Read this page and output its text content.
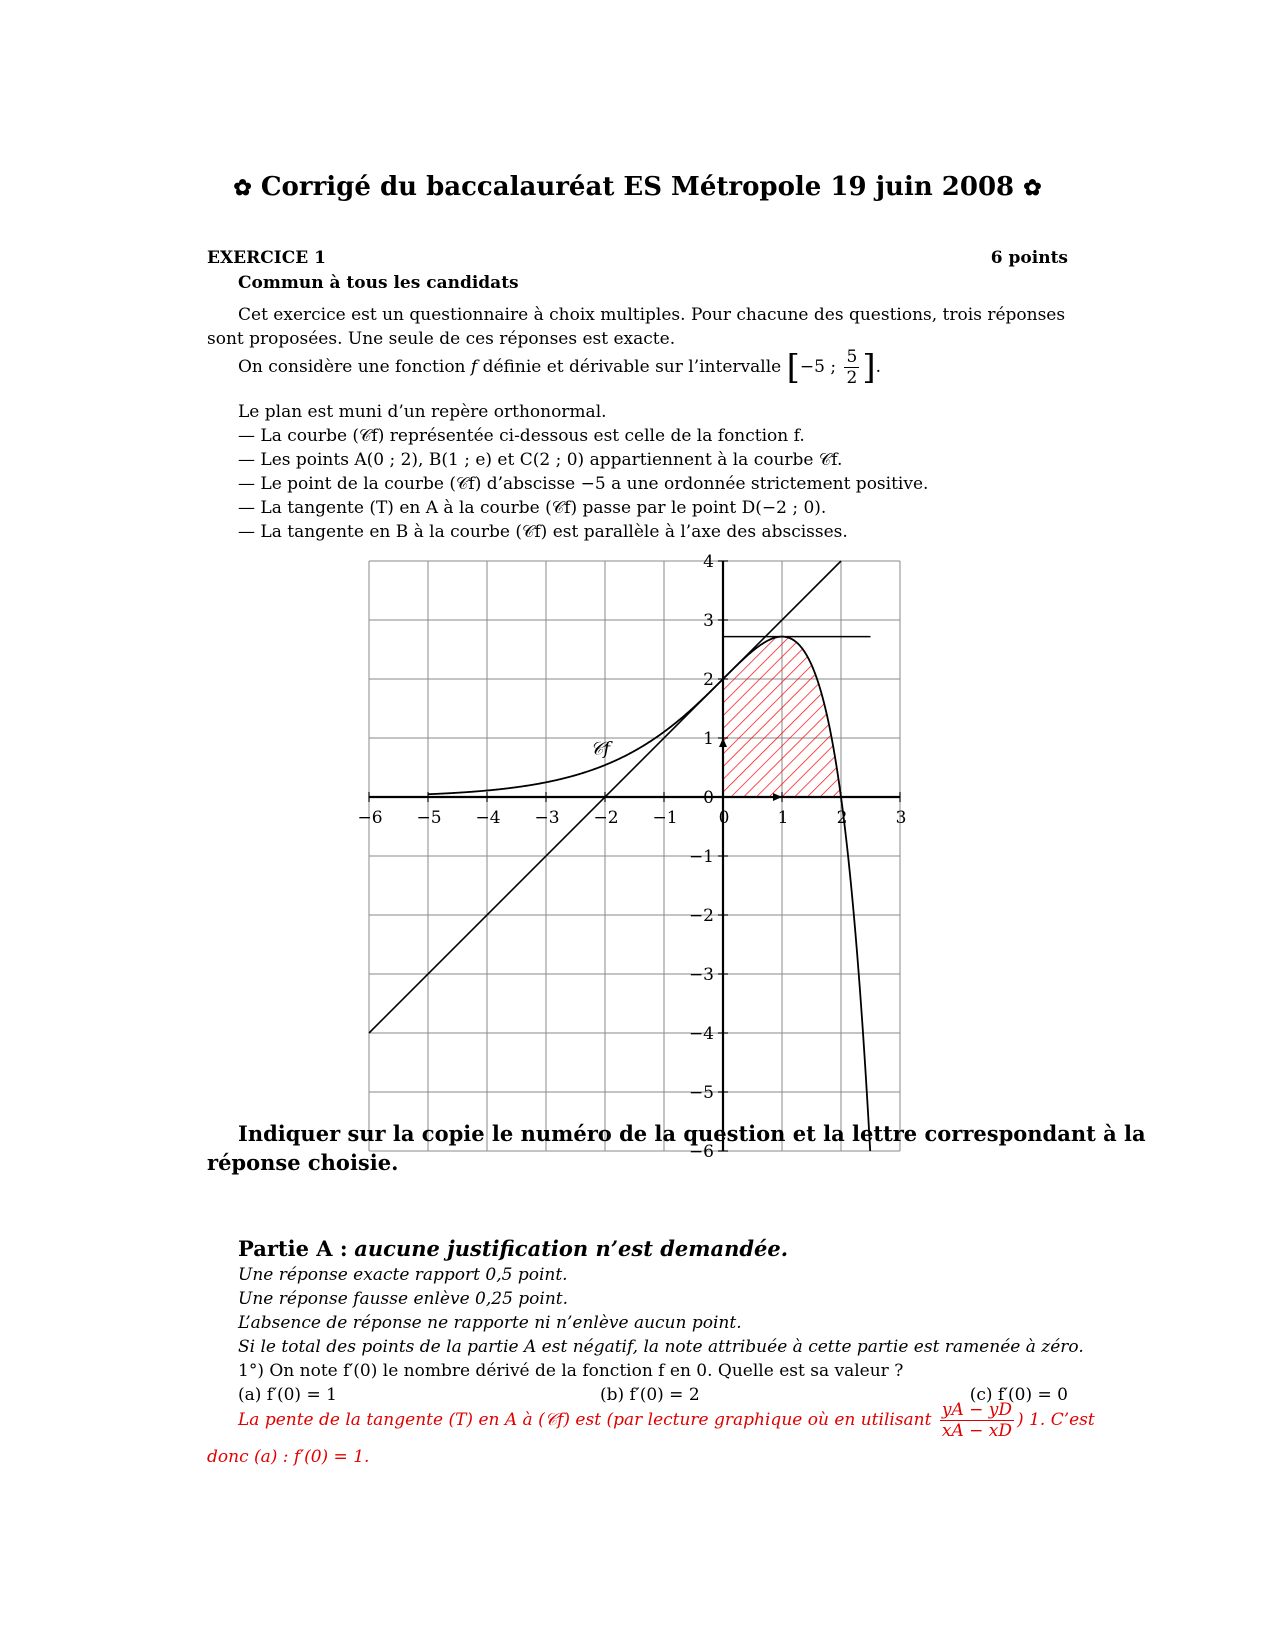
✿ Corrigé du baccalauréat ES Métropole 19 juin 2008 ✿
EXERCICE 1	6 points
Commun à tous les candidats
Cet exercice est un questionnaire à choix multiples. Pour chacune des questions, trois réponses
sont proposées. Une seule de ces réponses est exacte.
On considère une fonction f définie et dérivable sur l’intervalle [−5 ; $\frac{5}{2}$ ].
Le plan est muni d’un repère orthonormal.
— La courbe (𝒞f) représentée ci-dessous est celle de la fonction f.
— Les points A(0 ; 2), B(1 ; e) et C(2 ; 0) appartiennent à la courbe 𝒞f.
— Le point de la courbe (𝒞f) d’abscisse −5 a une ordonnée strictement positive.
— La tangente (T) en A à la courbe (𝒞f) passe par le point D(−2 ; 0).
— La tangente en B à la courbe (𝒞f) est parallèle à l’axe des abscisses.
−6 −5 −4 −3 −2 −1 0	1	2	3
4
3
2
1
0
−1
−2
−3
−4
−5
−6
𝒞f
Indiquer sur la copie le numéro de la question et la lettre correspondant à la
réponse choisie.
Partie A : aucune justification n’est demandée.
Une réponse exacte rapport 0,5 point.
Une réponse fausse enlève 0,25 point.
L’absence de réponse ne rapporte ni n’enlève aucun point.
Si le total des points de la partie A est négatif, la note attribuée à cette partie est ramenée à zéro.
1°) On note f′(0) le nombre dérivé de la fonction f en 0. Quelle est sa valeur ?
(a) f′(0) = 1	(b) f′(0) = 2	(c) f′(0) = 0
La pente de la tangente (T) en A à (𝒞f) est (par lecture graphique où en utilisant $\frac{yA - yD}{xA - xD}$ ) 1. C’est
donc (a) : f′(0) = 1.
